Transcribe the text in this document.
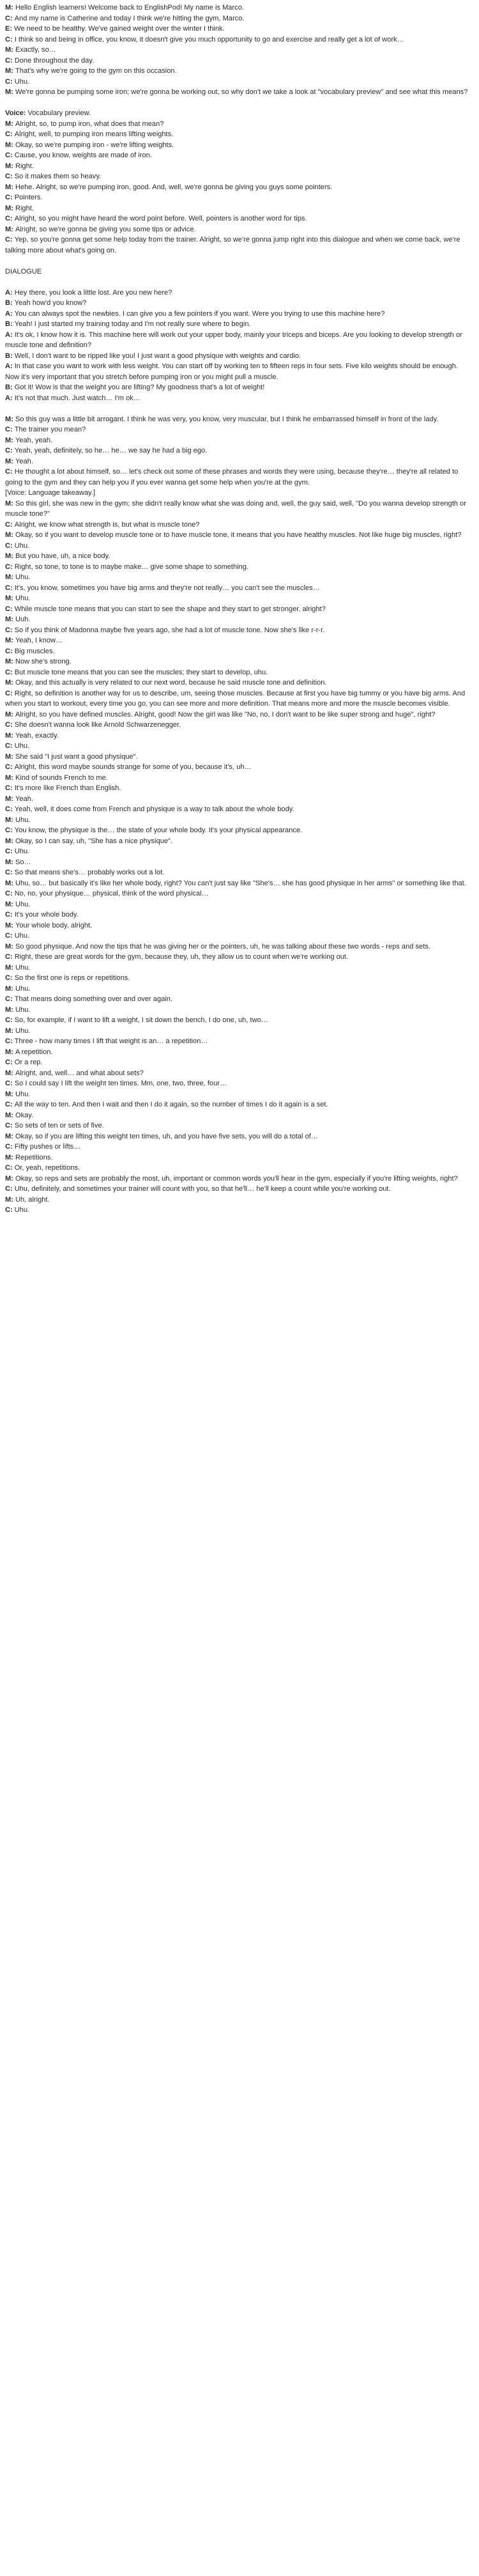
M: Hello English learners! Welcome back to EnglishPod! My name is Marco.

C: And my name is Catherine and today I think we're hitting the gym, Marco.

E: We need to be healthy. We've gained weight over the winter I think.

C: I think so and being in office, you know, it doesn't give you much opportunity to go and exercise and really get a lot of work…

M: Exactly, so…

C: Done throughout the day.

M: That's why we're going to the gym on this occasion.

C: Uhu.

M: We're gonna be pumping some iron; we're gonna be working out, so why don't we take a look at "vocabulary preview" and see what this means?

Voice: Vocabulary preview.

M: Alright, so, to pump iron, what does that mean?

C: Alright, well, to pumping iron means lifting weights.

M: Okay, so we're pumping iron - we're lifting weights.

C: Cause, you know, weights are made of iron.

M: Right.

C: So it makes them so heavy.

M: Hehe. Alright, so we're pumping iron, good. And, well, we're gonna be giving you guys some pointers.

C: Pointers.

M: Right.

C: Alright, so you might have heard the word point before. Well, pointers is another word for tips.

M: Alright, so we're gonna be giving you some tips or advice.

C: Yep, so you're gonna get some help today from the trainer. Alright, so we're gonna jump right into this dialogue and when we come back, we're talking more about what's going on.

DIALOGUE

A: Hey there, you look a little lost. Are you new here?

B: Yeah how'd you know?

A: You can always spot the newbies. I can give you a few pointers if you want. Were you trying to use this machine here?

B: Yeah! I just started my training today and I'm not really sure where to begin.

A: It's ok, I know how it is. This machine here will work out your upper body, mainly your triceps and biceps. Are you looking to develop strength or muscle tone and definition?

B: Well, I don't want to be ripped like you! I just want a good physique with weights and cardio.

A: In that case you want to work with less weight. You can start off by working ten to fifteen reps in four sets. Five kilo weights should be enough. Now it's very important that you stretch before pumping iron or you might pull a muscle.

B: Got it! Wow is that the weight you are lifting? My goodness that's a lot of weight!

A: It's not that much. Just watch… I'm ok…

M: So this guy was a little bit arrogant. I think he was very, you know, very muscular, but I think he embarrassed himself in front of the lady.

C: The trainer you mean?

M: Yeah, yeah.

C: Yeah, yeah, definitely, so he… he… we say he had a big ego.

M: Yeah.

C: He thought a lot about himself, so… let's check out some of these phrases and words they were using, because they're… they're all related to going to the gym and they can help you if you ever wanna get some help when you're at the gym.

[Voice: Language takeaway.]

M: So this girl, she was new in the gym; she didn't really know what she was doing and, well, the guy said, well, "Do you wanna develop strength or muscle tone?"

C: Alright, we know what strength is, but what is muscle tone?

M: Okay, so if you want to develop muscle tone or to have muscle tone, it means that you have healthy muscles. Not like huge big muscles, right?

C: Uhu.

M: But you have, uh, a nice body.

C: Right, so tone, to tone is to maybe make… give some shape to something.

M: Uhu.

C: It's, you know, sometimes you have big arms and they're not really… you can't see the muscles…

M: Uhu.

C: While muscle tone means that you can start to see the shape and they start to get stronger, alright?

M: Uuh.

C: So if you think of Madonna maybe five years ago, she had a lot of muscle tone. Now she's like r-r-r.

M: Yeah, I know…

C: Big muscles.

M: Now she's strong.

C: But muscle tone means that you can see the muscles; they start to develop, uhu.

M: Okay, and this actually is very related to our next word, because he said muscle tone and definition.

C: Right, so definition is another way for us to describe, um, seeing those muscles. Because at first you have big tummy or you have big arms. And when you start to workout, every time you go, you can see more and more definition. That means more and more the muscle becomes visible.

M: Alright, so you have defined muscles. Alright, good! Now the girl was like "No, no, I don't want to be like super strong and huge", right?

C: She doesn't wanna look like Arnold Schwarzenegger.

M: Yeah, exactly.

C: Uhu.

M: She said "I just want a good physique".

C: Alright, this word maybe sounds strange for some of you, because it's, uh…

M: Kind of sounds French to me.

C: It's more like French than English.

M: Yeah.

C: Yeah, well, it does come from French and physique is a way to talk about the whole body.

M: Uhu.

C: You know, the physique is the… the state of your whole body. It's your physical appearance.

M: Okay, so I can say, uh, "She has a nice physique".

C: Uhu.

M: So…

C: So that means she's… probably works out a lot.

M: Uhu, so… but basically it's like her whole body, right? You can't just say like "She's… she has good physique in her arms" or something like that.

C: No, no, your physique… physical, think of the word physical…

M: Uhu.

C: It's your whole body.

M: Your whole body, alright.

C: Uhu.

M: So good physique. And now the tips that he was giving her or the pointers, uh, he was talking about these two words - reps and sets.

C: Right, these are great words for the gym, because they, uh, they allow us to count when we're working out.

M: Uhu.

C: So the first one is reps or repetitions.

M: Uhu.

C: That means doing something over and over again.

M: Uhu.

C: So, for example, if I want to lift a weight, I sit down the bench, I do one, uh, two…

M: Uhu.

C: Three - how many times I lift that weight is an… a repetition…

M: A repetition.

C: Or a rep.

M: Alright, and, well… and what about sets?

C: So I could say I lift the weight ten times. Mm, one, two, three, four…

M: Uhu.

C: All the way to ten. And then I wait and then I do it again, so the number of times I do it again is a set.

M: Okay.

C: So sets of ten or sets of five.

M: Okay, so if you are lifting this weight ten times, uh, and you have five sets, you will do a total of…

C: Fifty pushes or lifts…

M: Repetitions.

C: Or, yeah, repetitions.

M: Okay, so reps and sets are probably the most, uh, important or common words you'll hear in the gym, especially if you're lifting weights, right?

C: Uhu, definitely, and sometimes your trainer will count with you, so that he'll… he'll keep a count while you're working out.

M: Uh, alright.

C: Uhu.
